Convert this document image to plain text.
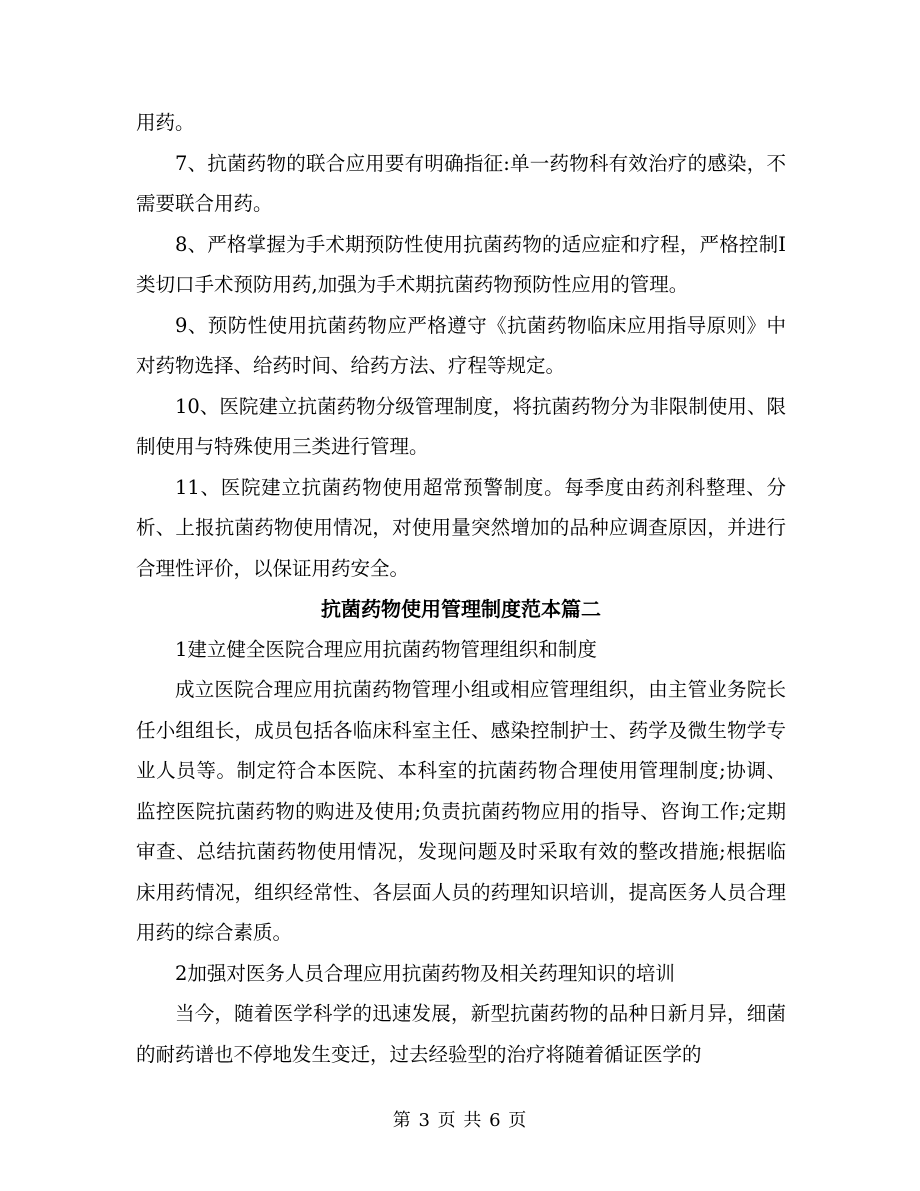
用药。

7、抗菌药物的联合应用要有明确指征:单一药物科有效治疗的感染，不需要联合用药。

8、严格掌握为手术期预防性使用抗菌药物的适应症和疗程，严格控制Ⅰ类切口手术预防用药,加强为手术期抗菌药物预防性应用的管理。

9、预防性使用抗菌药物应严格遵守《抗菌药物临床应用指导原则》中对药物选择、给药时间、给药方法、疗程等规定。

10、医院建立抗菌药物分级管理制度，将抗菌药物分为非限制使用、限制使用与特殊使用三类进行管理。

11、医院建立抗菌药物使用超常预警制度。每季度由药剂科整理、分析、上报抗菌药物使用情况，对使用量突然增加的品种应调查原因，并进行合理性评价，以保证用药安全。

抗菌药物使用管理制度范本篇二

1建立健全医院合理应用抗菌药物管理组织和制度

成立医院合理应用抗菌药物管理小组或相应管理组织，由主管业务院长任小组组长，成员包括各临床科室主任、感染控制护士、药学及微生物学专业人员等。制定符合本医院、本科室的抗菌药物合理使用管理制度;协调、监控医院抗菌药物的购进及使用;负责抗菌药物应用的指导、咨询工作;定期审查、总结抗菌药物使用情况，发现问题及时采取有效的整改措施;根据临床用药情况，组织经常性、各层面人员的药理知识培训，提高医务人员合理用药的综合素质。

2加强对医务人员合理应用抗菌药物及相关药理知识的培训

当今，随着医学科学的迅速发展，新型抗菌药物的品种日新月异，细菌的耐药谱也不停地发生变迁，过去经验型的治疗将随着循证医学的

第 3 页 共 6 页
